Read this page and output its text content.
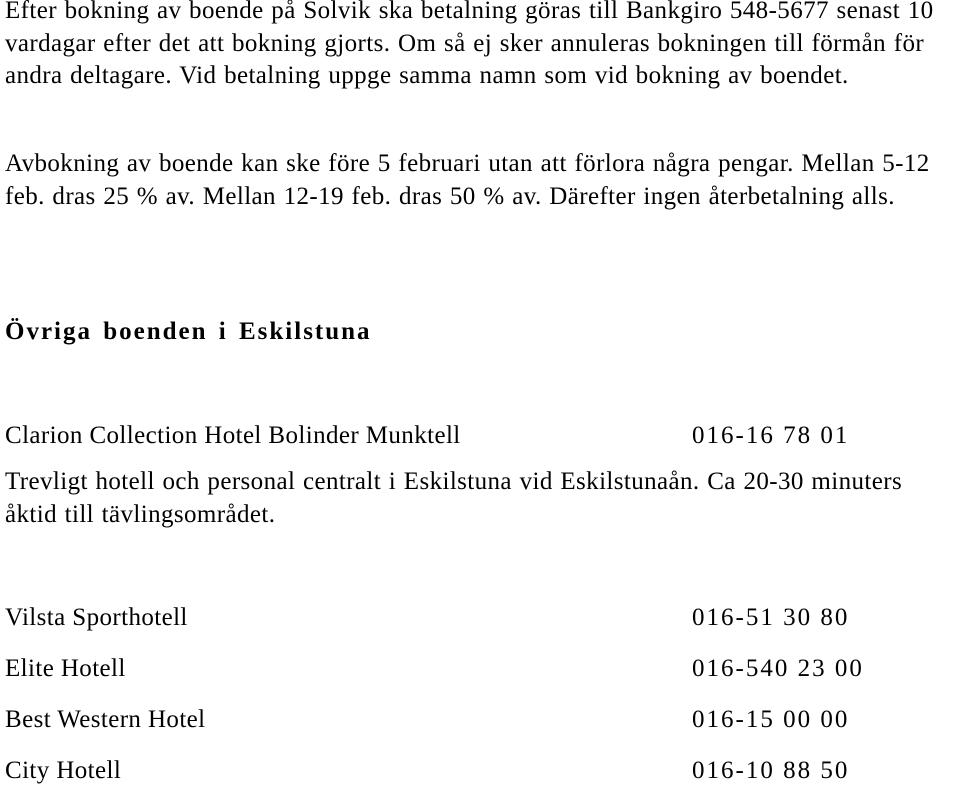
Efter bokning av boende på Solvik ska betalning göras till Bankgiro 548-5677 senast 10 vardagar efter det att bokning gjorts. Om så ej sker annuleras bokningen till förmån för andra deltagare. Vid betalning uppge samma namn som vid bokning av boendet.

Avbokning av boende kan ske före 5 februari utan att förlora några pengar. Mellan 5-12 feb. dras 25 % av. Mellan 12-19 feb. dras 50 % av. Därefter ingen återbetalning alls.

Övriga boenden i Eskilstuna
Clarion Collection Hotel Bolinder Munktell	016-16 78 01

Trevligt hotell och personal centralt i Eskilstuna vid Eskilstunaån. Ca 20-30 minuters åktid till tävlingsområdet.

Vilsta Sporthotell	016-51 30 80
Elite Hotell	016-540 23 00
Best Western Hotel	016-15 00 00
City Hotell	016-10 88 50
